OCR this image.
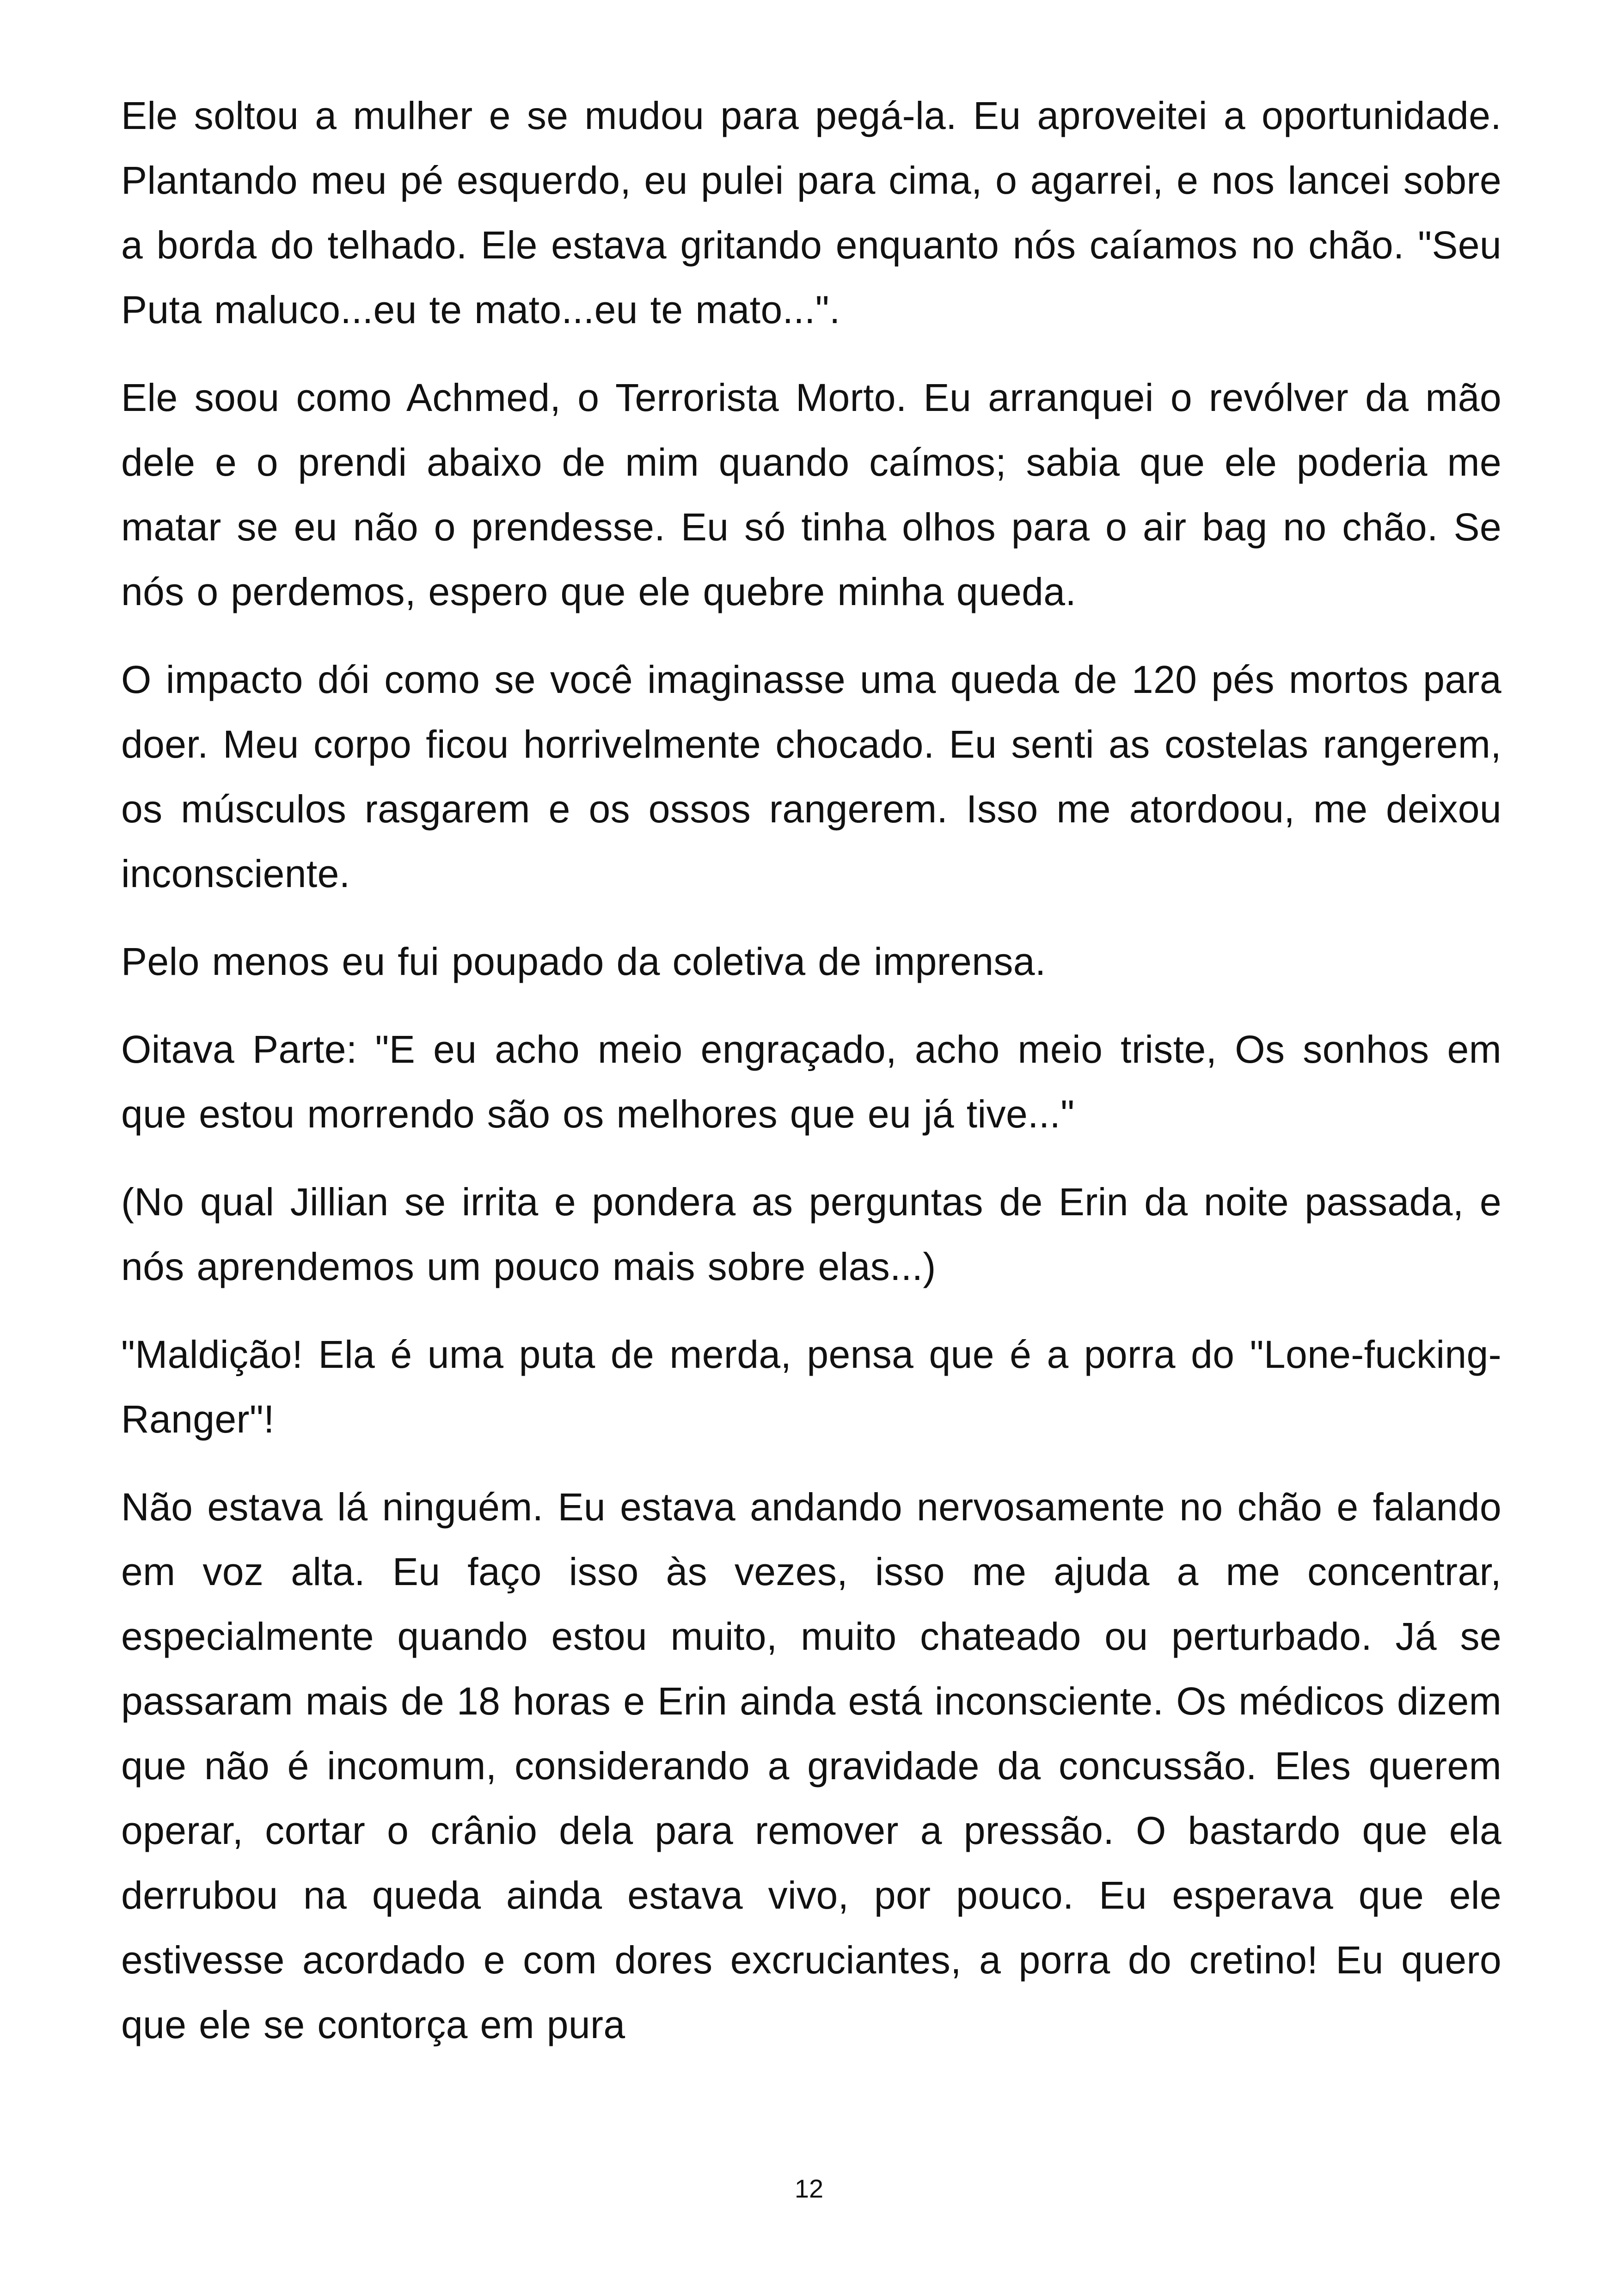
Ele soltou a mulher e se mudou para pegá-la. Eu aproveitei a oportunidade. Plantando meu pé esquerdo, eu pulei para cima, o agarrei, e nos lancei sobre a borda do telhado. Ele estava gritando enquanto nós caíamos no chão. "Seu Puta maluco...eu te mato...eu te mato...".

Ele soou como Achmed, o Terrorista Morto. Eu arranquei o revólver da mão dele e o prendi abaixo de mim quando caímos; sabia que ele poderia me matar se eu não o prendesse. Eu só tinha olhos para o air bag no chão. Se nós o perdemos, espero que ele quebre minha queda.

O impacto dói como se você imaginasse uma queda de 120 pés mortos para doer. Meu corpo ficou horrivelmente chocado. Eu senti as costelas rangerem, os músculos rasgarem e os ossos rangerem. Isso me atordoou, me deixou inconsciente.

Pelo menos eu fui poupado da coletiva de imprensa.

Oitava Parte: "E eu acho meio engraçado, acho meio triste, Os sonhos em que estou morrendo são os melhores que eu já tive..."

(No qual Jillian se irrita e pondera as perguntas de Erin da noite passada, e nós aprendemos um pouco mais sobre elas...)

"Maldição! Ela é uma puta de merda, pensa que é a porra do "Lone-fucking-Ranger"!

Não estava lá ninguém. Eu estava andando nervosamente no chão e falando em voz alta. Eu faço isso às vezes, isso me ajuda a me concentrar, especialmente quando estou muito, muito chateado ou perturbado. Já se passaram mais de 18 horas e Erin ainda está inconsciente. Os médicos dizem que não é incomum, considerando a gravidade da concussão. Eles querem operar, cortar o crânio dela para remover a pressão. O bastardo que ela derrubou na queda ainda estava vivo, por pouco. Eu esperava que ele estivesse acordado e com dores excruciantes, a porra do cretino! Eu quero que ele se contorça em pura

12
